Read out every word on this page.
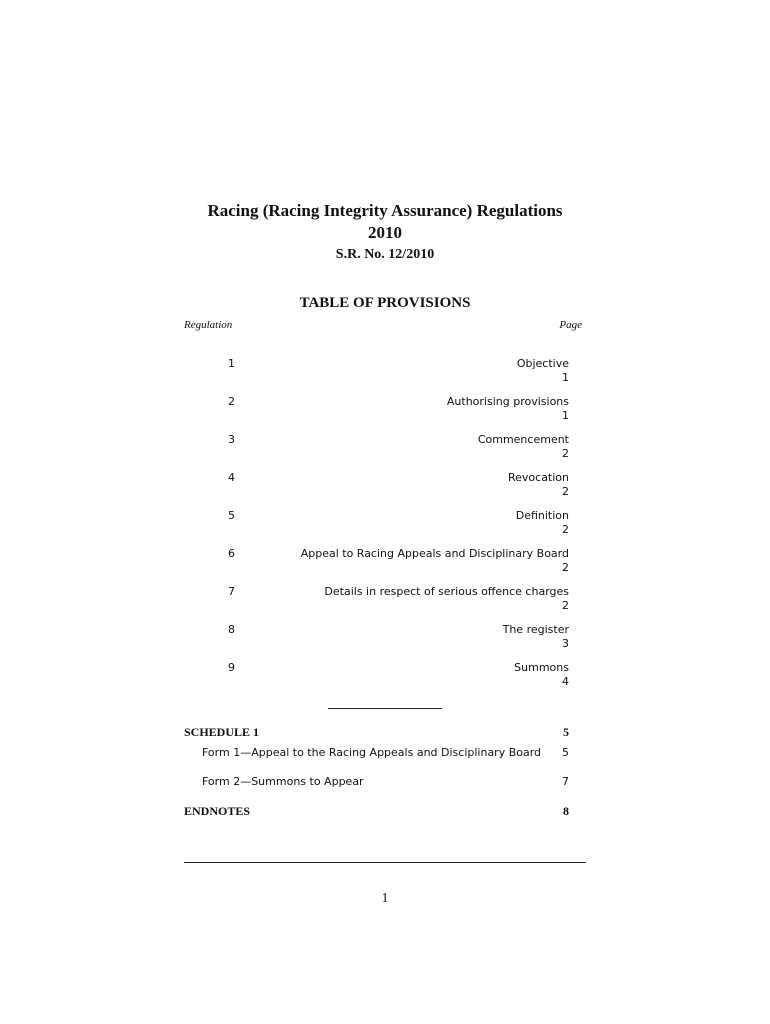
Racing (Racing Integrity Assurance) Regulations
2010
S.R. No. 12/2010
TABLE OF PROVISIONS
Regulation	Page
1	Objective
1
2	Authorising provisions
1
3	Commencement
2
4	Revocation
2
5	Definition
2
6	Appeal to Racing Appeals and Disciplinary Board
2
7	Details in respect of serious offence charges
2
8	The register
3
9	Summons
4
SCHEDULE 1	5
Form 1—Appeal to the Racing Appeals and Disciplinary Board 5
Form 2—Summons to Appear	7
ENDNOTES	8
1
